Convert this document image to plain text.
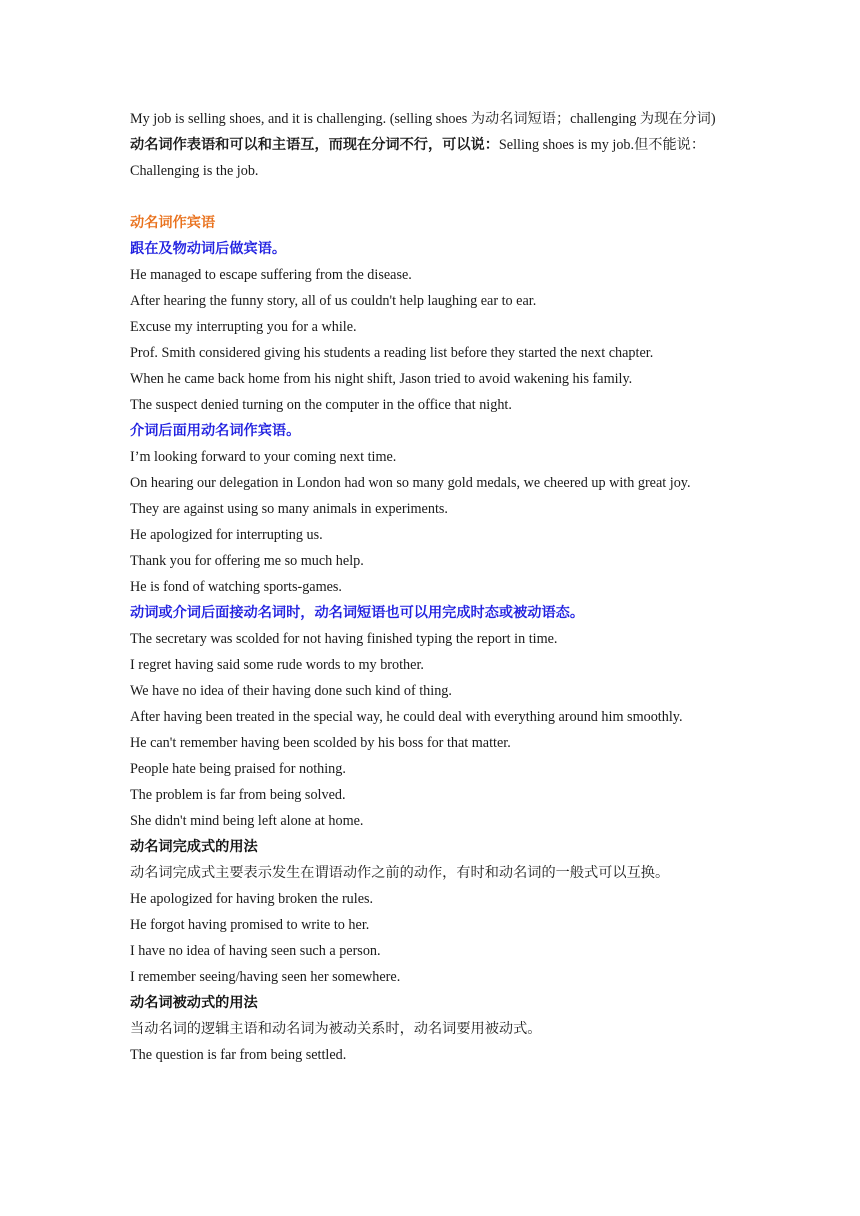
My job is selling shoes, and it is challenging. (selling shoes 为动名词短语；challenging 为现在分词)
动名词作表语和可以和主语互，而现在分词不行，可以说：Selling shoes is my job.但不能说：Challenging is the job.
动名词作宾语
跟在及物动词后做宾语。
He managed to escape suffering from the disease.
After hearing the funny story, all of us couldn't help laughing ear to ear.
Excuse my interrupting you for a while.
Prof. Smith considered giving his students a reading list before they started the next chapter.
When he came back home from his night shift, Jason tried to avoid wakening his family.
The suspect denied turning on the computer in the office that night.
介词后面用动名词作宾语。
I’m looking forward to your coming next time.
On hearing our delegation in London had won so many gold medals, we cheered up with great joy.
They are against using so many animals in experiments.
He apologized for interrupting us.
Thank you for offering me so much help.
He is fond of watching sports-games.
动词或介词后面接动名词时，动名词短语也可以用完成时态或被动语态。
The secretary was scolded for not having finished typing the report in time.
I regret having said some rude words to my brother.
We have no idea of their having done such kind of thing.
After having been treated in the special way, he could deal with everything around him smoothly.
He can't remember having been scolded by his boss for that matter.
People hate being praised for nothing.
The problem is far from being solved.
She didn't mind being left alone at home.
动名词完成式的用法
动名词完成式主要表示发生在谓语动作之前的动作，有时和动名词的一般式可以互换。
He apologized for having broken the rules.
He forgot having promised to write to her.
I have no idea of having seen such a person.
I remember seeing/having seen her somewhere.
动名词被动式的用法
当动名词的逻辑主语和动名词为被动关系时，动名词要用被动式。
The question is far from being settled.
